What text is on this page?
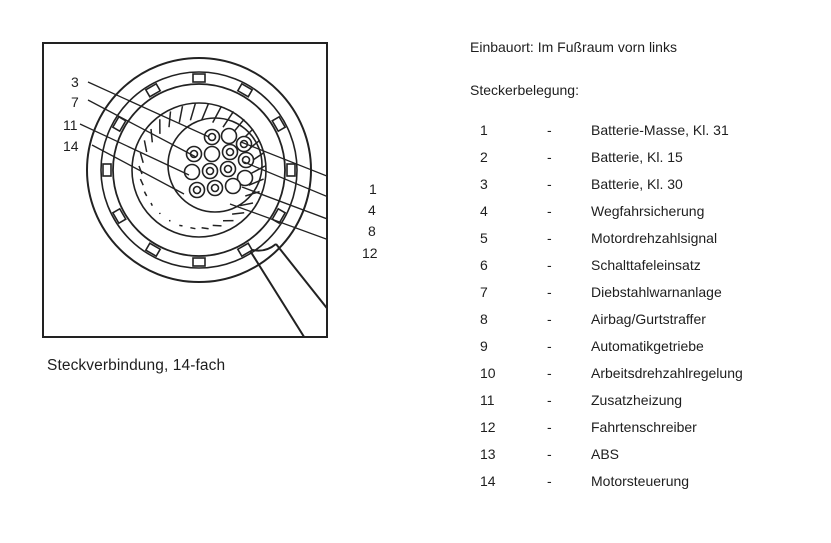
3
7
11
14
1
4
8
12
Steckverbindung, 14-fach
Einbauort: Im Fußraum vorn links
Steckerbelegung:
1	-	Batterie-Masse, Kl. 31
2	-	Batterie, Kl. 15
3	-	Batterie, Kl. 30
4	-	Wegfahrsicherung
5	-	Motordrehzahlsignal
6	-	Schalttafeleinsatz
7	-	Diebstahlwarnanlage
8	-	Airbag/Gurtstraffer
9	-	Automatikgetriebe
10	-	Arbeitsdrehzahlregelung
11	-	Zusatzheizung
12	-	Fahrtenschreiber
13	-	ABS
14	-	Motorsteuerung
